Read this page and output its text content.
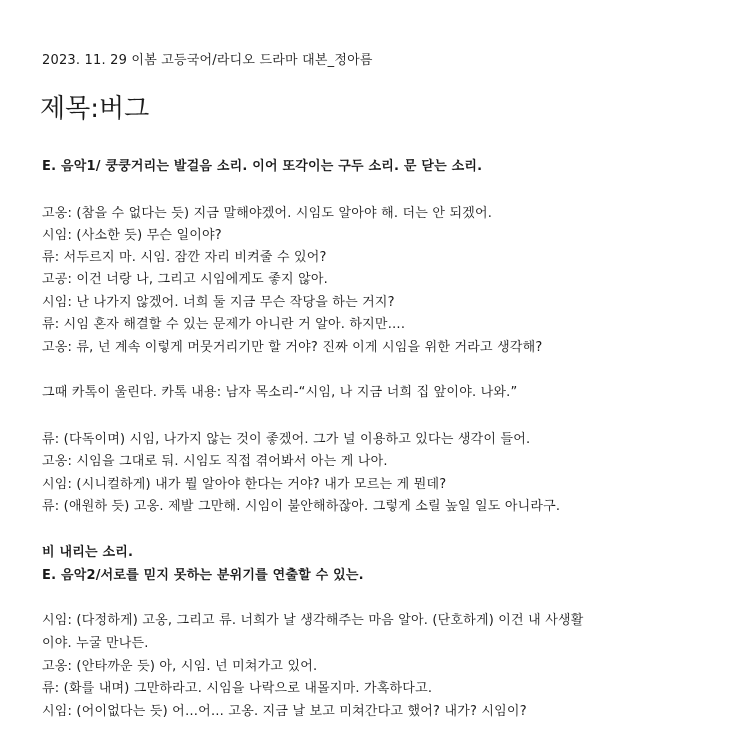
2023. 11. 29 이봄 고등국어/라디오 드라마 대본_정아름
제목:버그
E. 음악1/ 쿵쿵거리는 발걸음 소리. 이어 또각이는 구두 소리. 문 닫는 소리.
고옹: (참을 수 없다는 듯) 지금 말해야겠어. 시임도 알아야 해. 더는 안 되겠어.
시임: (사소한 듯) 무슨 일이야?
류: 서두르지 마. 시임. 잠깐 자리 비켜줄 수 있어?
고공: 이건 너랑 나, 그리고 시임에게도 좋지 않아.
시임: 난 나가지 않겠어. 너희 둘 지금 무슨 작당을 하는 거지?
류: 시임 혼자 해결할 수 있는 문제가 아니란 거 알아. 하지만….
고옹: 류, 넌 계속 이렇게 머뭇거리기만 할 거야? 진짜 이게 시임을 위한 거라고 생각해?
그때 카톡이 울린다. 카톡 내용: 남자 목소리-“시임, 나 지금 너희 집 앞이야. 나와.”
류: (다독이며) 시임, 나가지 않는 것이 좋겠어. 그가 널 이용하고 있다는 생각이 들어.
고옹: 시임을 그대로 둬. 시임도 직접 겪어봐서 아는 게 나아.
시임: (시니컬하게) 내가 뭘 알아야 한다는 거야? 내가 모르는 게 뭔데?
류: (애원하 듯) 고옹. 제발 그만해. 시임이 불안해하잖아. 그렇게 소릴 높일 일도 아니라구.
비 내리는 소리.
E. 음악2/서로를 믿지 못하는 분위기를 연출할 수 있는.
시임: (다정하게) 고옹, 그리고 류. 너희가 날 생각해주는 마음 알아. (단호하게) 이건 내 사생활
이야. 누굴 만나든.
고옹: (안타까운 듯) 아, 시임. 넌 미쳐가고 있어.
류: (화를 내며) 그만하라고. 시임을 나락으로 내몰지마. 가혹하다고.
시임: (어이없다는 듯) 어…어… 고옹. 지금 날 보고 미쳐간다고 했어? 내가? 시임이?
